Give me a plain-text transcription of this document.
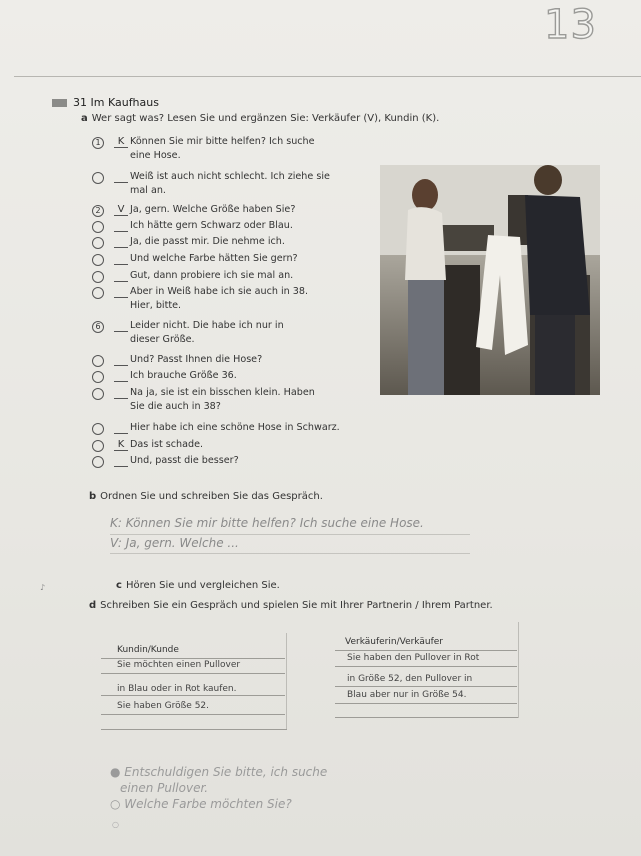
13
31 Im Kaufhaus
a Wer sagt was? Lesen Sie und ergänzen Sie: Verkäufer (V), Kundin (K).
1	K Können Sie mir bitte helfen? Ich suche
eine Hose.
Weiß ist auch nicht schlecht. Ich ziehe sie
mal an.
2	V Ja, gern. Welche Größe haben Sie?
Ich hätte gern Schwarz oder Blau.
Ja, die passt mir. Die nehme ich.
Und welche Farbe hätten Sie gern?
Gut, dann probiere ich sie mal an.
Aber in Weiß habe ich sie auch in 38.
Hier, bitte.
6	Leider nicht. Die habe ich nur in
dieser Größe.
Und? Passt Ihnen die Hose?
Ich brauche Größe 36.
Na ja, sie ist ein bisschen klein. Haben
Sie die auch in 38?
Hier habe ich eine schöne Hose in Schwarz.
K Das ist schade.
Und, passt die besser?
b Ordnen Sie und schreiben Sie das Gespräch.
K: Können Sie mir bitte helfen? Ich suche eine Hose.
V: Ja, gern. Welche ...
♪	c Hören Sie und vergleichen Sie.
d Schreiben Sie ein Gespräch und spielen Sie mit Ihrer Partnerin / Ihrem Partner.
Kundin/Kunde
Sie möchten einen Pullover
in Blau oder in Rot kaufen.
Sie haben Größe 52.
Verkäuferin/Verkäufer
Sie haben den Pullover in Rot
in Größe 52, den Pullover in
Blau aber nur in Größe 54.
● Entschuldigen Sie bitte, ich suche
einen Pullover.
○ Welche Farbe möchten Sie?
○
